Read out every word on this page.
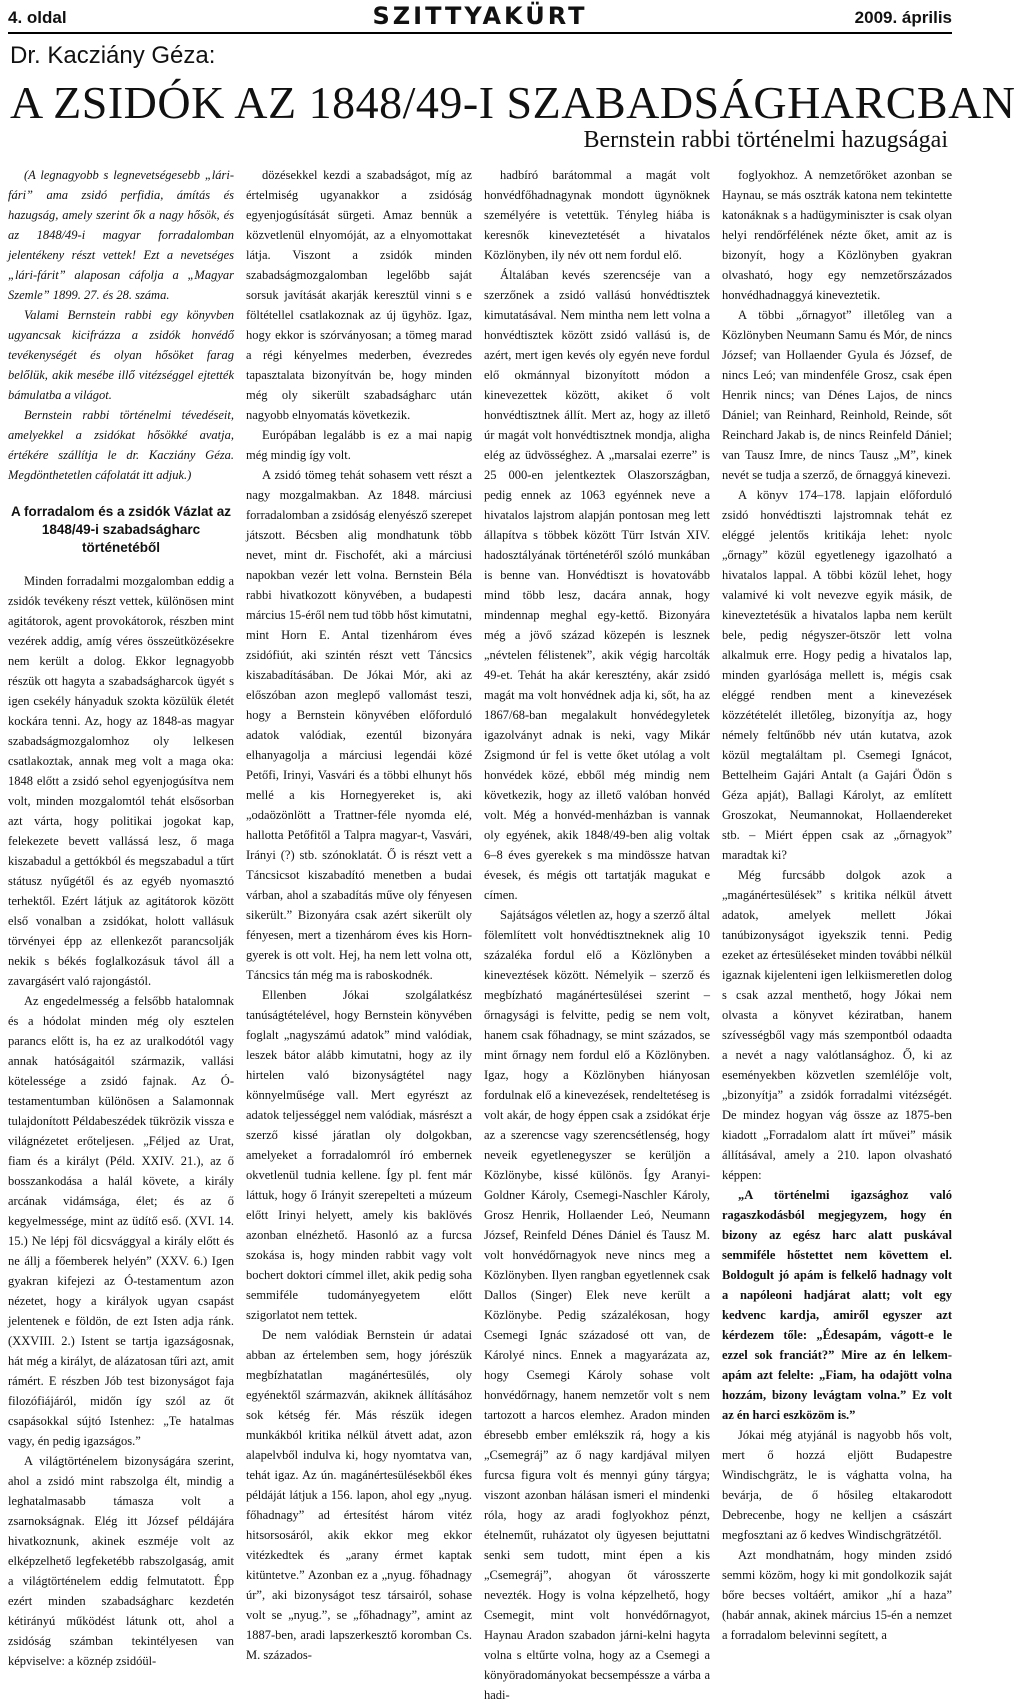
4. oldal	SZITTYAKÜRT	2009. április
Dr. Kacziány Géza:
A ZSIDÓK AZ 1848/49-I SZABADSÁGHARCBAN
Bernstein rabbi történelmi hazugságai

(A legnagyobb s legnevetségesebb „lári-fári” ama zsidó perfidia, ámítás és hazugság, amely szerint ők a nagy hősök, és az 1848/49-i magyar forradalomban jelentékeny részt vettek! Ezt a nevetséges „lári-fárit” alaposan cáfolja a „Magyar Szemle” 1899. 27. és 28. száma.

Valami Bernstein rabbi egy könyvben ugyancsak kicifrázza a zsidók honvédő tevékenységét és olyan hősöket farag belőlük, akik mesébe illő vitézséggel ejtették bámulatba a világot.

Bernstein rabbi történelmi tévedéseit, amelyekkel a zsidókat hősökké avatja, értékére szállítja le dr. Kacziány Géza. Megdönthetetlen cáfolatát itt adjuk.)

A forradalom és a zsidók Vázlat az 1848/49-i szabadságharc történetéből

Minden forradalmi mozgalomban eddig a zsidók tevékeny részt vettek, különösen mint agitátorok, agent provokátorok, részben mint vezérek addig, amíg véres összeütközésekre nem került a dolog. Ekkor legnagyobb részük ott hagyta a szabadságharcok ügyét s igen csekély hányaduk szokta közülük életét kockára tenni. Az, hogy az 1848-as magyar szabadságmozgalomhoz oly lelkesen csatlakoztak, annak meg volt a maga oka: 1848 előtt a zsidó sehol egyenjogúsítva nem volt, minden mozgalomtól tehát elsősorban azt várta, hogy politikai jogokat kap, felekezete bevett vallássá lesz, ő maga kiszabadul a gettókból és megszabadul a tűrt státusz nyűgétől és az egyéb nyomasztó terhektől. Ezért látjuk az agitátorok között első vonalban a zsidókat, holott vallásuk törvényei épp az ellenkezőt parancsolják nekik s békés foglalkozásuk távol áll a zavargásért való rajongástól.

Az engedelmesség a felsőbb hatalomnak és a hódolat minden még oly esztelen parancs előtt is, ha ez az uralkodótól vagy annak hatóságaitól származik, vallási kötelessége a zsidó fajnak. Az Ó-testamentumban különösen a Salamonnak tulajdonított Példabeszédek tükrözik vissza e világnézetet erőteljesen. „Féljed az Urat, fiam és a királyt (Péld. XXIV. 21.), az ő bosszankodása a halál követe, a király arcának vidámsága, élet; és az ő kegyelmessége, mint az üdítő eső. (XVI. 14. 15.) Ne lépj föl dicsvággyal a király előtt és ne állj a főemberek helyén” (XXV. 6.) Igen gyakran kifejezi az Ó-testamentum azon nézetet, hogy a királyok ugyan csapást jelentenek e földön, de ezt Isten adja ránk. (XXVIII. 2.) Istent se tartja igazságosnak, hát még a királyt, de alázatosan tűri azt, amit rámért. E részben Jób test bizonyságot faja filozófiájáról, midőn így szól az őt csapásokkal sújtó Istenhez: „Te hatalmas vagy, én pedig igazságos.”

A világtörténelem bizonyságára szerint, ahol a zsidó mint rabszolga élt, mindig a leghatalmasabb támasza volt a zsarnokságnak. Elég itt József példájára hivatkoznunk, akinek eszméje volt az elképzelhető legfeketébb rabszolgaság, amit a világtörténelem eddig felmutatott. Épp ezért minden szabadságharc kezdetén kétirányú működést látunk ott, ahol a zsidóság számban tekintélyesen van képviselve: a köznép zsidóül-

dözésekkel kezdi a szabadságot, míg az értelmiség ugyanakkor a zsidóság egyenjogúsítását sürgeti. Amaz bennük a közvetlenül elnyomóját, az a elnyomottakat látja. Viszont a zsidók minden szabadságmozgalomban legelőbb saját sorsuk javítását akarják keresztül vinni s e föltétellel csatlakoznak az új ügyhöz. Igaz, hogy ekkor is szórványosan; a tömeg marad a régi kényelmes mederben, évezredes tapasztalata bizonyítván be, hogy minden még oly sikerült szabadságharc után nagyobb elnyomatás következik.

Európában legalább is ez a mai napig még mindig így volt.

A zsidó tömeg tehát sohasem vett részt a nagy mozgalmakban. Az 1848. márciusi forradalomban a zsidóság elenyésző szerepet játszott. Bécsben alig mondhatunk több nevet, mint dr. Fischofét, aki a márciusi napokban vezér lett volna. Bernstein Béla rabbi hivatkozott könyvében, a budapesti március 15-éről nem tud több hőst kimutatni, mint Horn E. Antal tizenhárom éves zsidófiút, aki szintén részt vett Táncsics kiszabadításában. De Jókai Mór, aki az előszóban azon meglepő vallomást teszi, hogy a Bernstein könyvében előforduló adatok valódiak, ezentúl bizonyára elhanyagolja a márciusi legendái közé Petőfi, Irinyi, Vasvári és a többi elhunyt hős mellé a kis Hornegyereket is, aki „odaözönlött a Trattner-féle nyomda elé, hallotta Petőfitől a Talpra magyar-t, Vasvári, Irányi (?) stb. szónoklatát. Ő is részt vett a Táncsicsot kiszabadító menetben a budai várban, ahol a szabadítás műve oly fényesen sikerült.” Bizonyára csak azért sikerült oly fényesen, mert a tizenhárom éves kis Horn-gyerek is ott volt. Hej, ha nem lett volna ott, Táncsics tán még ma is raboskodnék.

Ellenben Jókai szolgálatkész tanúságtételével, hogy Bernstein könyvében foglalt „nagyszámú adatok” mind valódiak, leszek bátor alább kimutatni, hogy az ily hirtelen való bizonyságtétel nagy könnyelműsége vall. Mert egyrészt az adatok teljességgel nem valódiak, másrészt a szerző kissé járatlan oly dolgokban, amelyeket a forradalomról író embernek okvetlenül tudnia kellene. Így pl. fent már láttuk, hogy ő Irányit szerepelteti a múzeum előtt Irinyi helyett, amely kis baklövés azonban elnézhető. Hasonló az a furcsa szokása is, hogy minden rabbit vagy volt bochert doktori címmel illet, akik pedig soha semmiféle tudományegyetem előtt szigorlatot nem tettek.

De nem valódiak Bernstein úr adatai abban az értelemben sem, hogy jórészük megbízhatatlan magánértesülés, oly egyénektől származván, akiknek állításához sok kétség fér. Más részük idegen munkákból kritika nélkül átvett adat, azon alapelvből indulva ki, hogy nyomtatva van, tehát igaz. Az ún. magánértesülésekből ékes példáját látjuk a 156. lapon, ahol egy „nyug. főhadnagy” ad értesítést három vitéz hitsorsosáról, akik ekkor meg ekkor vitézkedtek és „arany érmet kaptak kitüntetve.” Azonban ez a „nyug. főhadnagy úr”, aki bizonyságot tesz társairól, sohase volt se „nyug.”, se „főhadnagy”, amint az 1887-ben, aradi lapszerkesztő koromban Cs. M. százados-

hadbíró barátommal a magát volt honvédfőhadnagynak mondott ügynöknek személyére is vetettük. Tényleg hiába is keresnők kineveztetését a hivatalos Közlönyben, ily név ott nem fordul elő.

Általában kevés szerencséje van a szerzőnek a zsidó vallású honvédtisztek kimutatásával. Nem mintha nem lett volna a honvédtisztek között zsidó vallású is, de azért, mert igen kevés oly egyén neve fordul elő okmánnyal bizonyított módon a kinevezettek között, akiket ő volt honvédtisztnek állít. Mert az, hogy az illető úr magát volt honvédtisztnek mondja, aligha elég az üdvösséghez. A „marsalai ezerre” is 25 000-en jelentkeztek Olaszországban, pedig ennek az 1063 egyénnek neve a hivatalos lajstrom alapján pontosan meg lett állapítva s többek között Türr István XIV. hadosztályának történetéről szóló munkában is benne van. Honvédtiszt is hovatovább mind több lesz, dacára annak, hogy mindennap meghal egy-kettő. Bizonyára még a jövő század közepén is lesznek „névtelen félistenek”, akik végig harcolták 49-et. Tehát ha akár keresztény, akár zsidó magát ma volt honvédnek adja ki, sőt, ha az 1867/68-ban megalakult honvédegyletek igazolványt adnak is neki, vagy Mikár Zsigmond úr fel is vette őket utólag a volt honvédek közé, ebből még mindig nem következik, hogy az illető valóban honvéd volt. Még a honvéd-menházban is vannak oly egyének, akik 1848/49-ben alig voltak 6–8 éves gyerekek s ma mindössze hatvan évesek, és mégis ott tartatják magukat e címen.

Sajátságos véletlen az, hogy a szerző által fölemlített volt honvédtisztneknek alig 10 százaléka fordul elő a Közlönyben a kineveztések között. Némelyik – szerző és megbízható magánértesülései szerint – őrnagysági is felvitte, pedig se nem volt, hanem csak főhadnagy, se mint százados, se mint őrnagy nem fordul elő a Közlönyben. Igaz, hogy a Közlönyben hiányosan fordulnak elő a kinevezések, rendeltetéseg is volt akár, de hogy éppen csak a zsidókat érje az a szerencse vagy szerencsétlenség, hogy neveik egyetlenegyszer se kerüljön a Közlönybe, kissé különös. Így Aranyi-Goldner Károly, Csemegi-Naschler Károly, Grosz Henrik, Hollaender Leó, Neumann József, Reinfeld Dénes Dániel és Tausz M. volt honvédőrnagyok neve nincs meg a Közlönyben. Ilyen rangban egyetlennek csak Dallos (Singer) Elek neve került a Közlönybe. Pedig százalékosan, hogy Csemegi Ignác századosé ott van, de Károlyé nincs. Ennek a magyarázata az, hogy Csemegi Károly sohase volt honvédőrnagy, hanem nemzetőr volt s nem tartozott a harcos elemhez. Aradon minden ébresebb ember emlékszik rá, hogy a kis „Csemegráj” az ő nagy kardjával milyen furcsa figura volt és mennyi gúny tárgya; viszont azonban hálásan ismeri el mindenki róla, hogy az aradi foglyokhoz pénzt, ételneműt, ruházatot oly ügyesen bejuttatni senki sem tudott, mint épen a kis „Csemegráj”, ahogyan őt városszerte nevezték. Hogy is volna képzelhető, hogy Csemegit, mint volt honvédőrnagyot, Haynau Aradon szabadon járni-kelni hagyta volna s eltűrte volna, hogy az a Csemegi a könyöradományokat becsempéssze a várba a hadi-

foglyokhoz. A nemzetőröket azonban se Haynau, se más osztrák katona nem tekintette katonáknak s a hadügyminiszter is csak olyan helyi rendőrfélének nézte őket, amit az is bizonyít, hogy a Közlönyben gyakran olvasható, hogy egy nemzetőrszázados honvédhadnaggyá kineveztetik.

A többi „őrnagyot” illetőleg van a Közlönyben Neumann Samu és Mór, de nincs József; van Hollaender Gyula és József, de nincs Leó; van mindenféle Grosz, csak épen Henrik nincs; van Dénes Lajos, de nincs Dániel; van Reinhard, Reinhold, Reinde, sőt Reinchard Jakab is, de nincs Reinfeld Dániel; van Tausz Imre, de nincs Tausz „M”, kinek nevét se tudja a szerző, de őrnaggyá kinevezi.

A könyv 174–178. lapjain előforduló zsidó honvédtiszti lajstromnak tehát ez eléggé jelentős kritikája lehet: nyolc „őrnagy” közül egyetlenegy igazolható a hivatalos lappal. A többi közül lehet, hogy valamivé ki volt nevezve egyik másik, de kineveztetésük a hivatalos lapba nem került bele, pedig négyszer-ötször lett volna alkalmuk erre. Hogy pedig a hivatalos lap, minden gyarlósága mellett is, mégis csak eléggé rendben ment a kinevezések közzétételét illetőleg, bizonyítja az, hogy némely feltűnőbb név után kutatva, azok közül megtaláltam pl. Csemegi Ignácot, Bettelheim Gajári Antalt (a Gajári Ödön s Géza apját), Ballagi Károlyt, az említett Groszokat, Neumannokat, Hollaendereket stb. – Miért éppen csak az „őrnagyok” maradtak ki?

Még furcsább dolgok azok a „magánértesülések” s kritika nélkül átvett adatok, amelyek mellett Jókai tanúbizonyságot igyekszik tenni. Pedig ezeket az értesüléseket minden további nélkül igaznak kijelenteni igen lelkiismeretlen dolog s csak azzal menthető, hogy Jókai nem olvasta a könyvet kéziratban, hanem szívességből vagy más szempontból odaadta a nevét a nagy valótlansághoz. Ő, ki az eseményekben közvetlen szemlélője volt, „bizonyítja” a zsidók forradalmi vitézségét. De mindez hogyan vág össze az 1875-ben kiadott „Forradalom alatt írt művei” másik állításával, amely a 210. lapon olvasható képpen:

„A történelmi igazsághoz való ragaszkodásból megjegyzem, hogy én bizony az egész harc alatt puskával semmiféle hőstettet nem követtem el. Boldogult jó apám is felkelő hadnagy volt a napóleoni hadjárat alatt; volt egy kedvenc kardja, amiről egyszer azt kérdezem tőle: „Édesapám, vágott-e le ezzel sok franciát?” Mire az én lelkem-apám azt felelte: „Fiam, ha odajött volna hozzám, bizony levágtam volna.” Ez volt az én harci eszközöm is.”

Jókai még atyjánál is nagyobb hős volt, mert ő hozzá eljött Budapestre Windischgrätz, le is vághatta volna, ha bevárja, de ő hősileg eltakarodott Debrecenbe, hogy ne kelljen a császárt megfosztani az ő kedves Windischgrätzétől.

Azt mondhatnám, hogy minden zsidó semmi közöm, hogy ki mit gondolkozik saját bőre becses voltáért, amikor „hí a haza” (habár annak, akinek március 15-én a nemzet a forradalom belevinni segített, a
